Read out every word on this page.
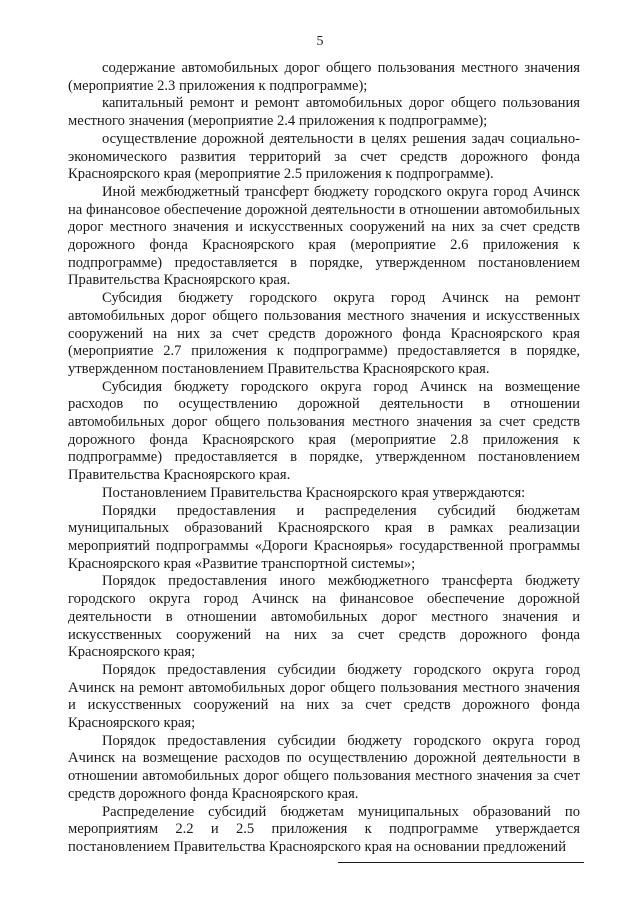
5

содержание автомобильных дорог общего пользования местного значения (мероприятие 2.3 приложения к подпрограмме);

капитальный ремонт и ремонт автомобильных дорог общего пользования местного значения (мероприятие 2.4 приложения к подпрограмме);

осуществление дорожной деятельности в целях решения задач социально-экономического развития территорий за счет средств дорожного фонда Красноярского края (мероприятие 2.5 приложения к подпрограмме).

Иной межбюджетный трансферт бюджету городского округа город Ачинск на финансовое обеспечение дорожной деятельности в отношении автомобильных дорог местного значения и искусственных сооружений на них за счет средств дорожного фонда Красноярского края (мероприятие 2.6 приложения к подпрограмме) предоставляется в порядке, утвержденном постановлением Правительства Красноярского края.

Субсидия бюджету городского округа город Ачинск на ремонт автомобильных дорог общего пользования местного значения и искусственных сооружений на них за счет средств дорожного фонда Красноярского края (мероприятие 2.7 приложения к подпрограмме) предоставляется в порядке, утвержденном постановлением Правительства Красноярского края.

Субсидия бюджету городского округа город Ачинск на возмещение расходов по осуществлению дорожной деятельности в отношении автомобильных дорог общего пользования местного значения за счет средств дорожного фонда Красноярского края (мероприятие 2.8 приложения к подпрограмме) предоставляется в порядке, утвержденном постановлением Правительства Красноярского края.

Постановлением Правительства Красноярского края утверждаются:

Порядки предоставления и распределения субсидий бюджетам муниципальных образований Красноярского края в рамках реализации мероприятий подпрограммы «Дороги Красноярья» государственной программы Красноярского края «Развитие транспортной системы»;

Порядок предоставления иного межбюджетного трансферта бюджету городского округа город Ачинск на финансовое обеспечение дорожной деятельности в отношении автомобильных дорог местного значения и искусственных сооружений на них за счет средств дорожного фонда Красноярского края;

Порядок предоставления субсидии бюджету городского округа город Ачинск на ремонт автомобильных дорог общего пользования местного значения и искусственных сооружений на них за счет средств дорожного фонда Красноярского края;

Порядок предоставления субсидии бюджету городского округа город Ачинск на возмещение расходов по осуществлению дорожной деятельности в отношении автомобильных дорог общего пользования местного значения за счет средств дорожного фонда Красноярского края.

Распределение субсидий бюджетам муниципальных образований по мероприятиям 2.2 и 2.5 приложения к подпрограмме утверждается постановлением Правительства Красноярского края на основании предложений
